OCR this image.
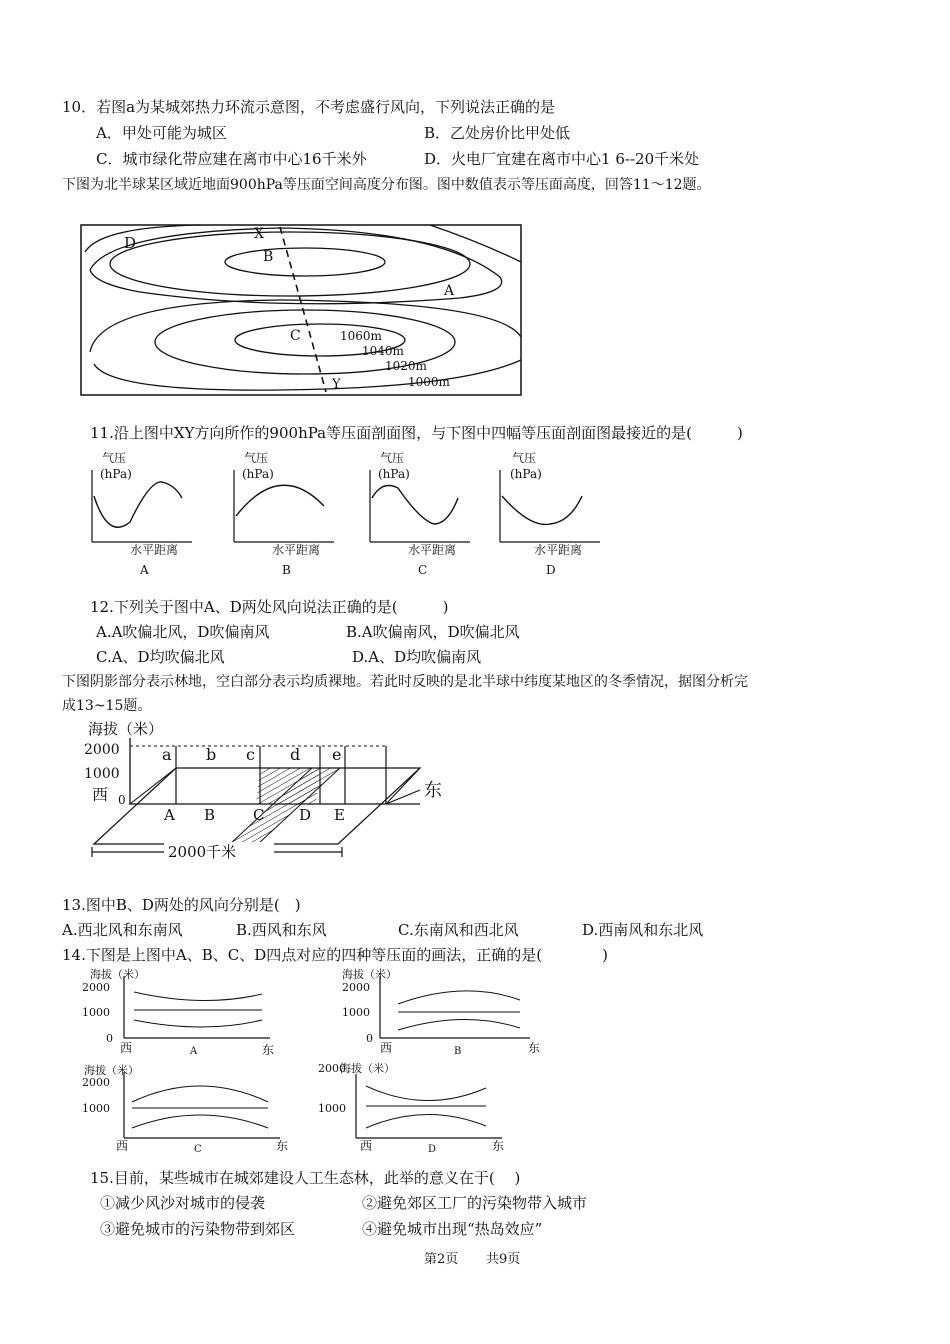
10．若图a为某城郊热力环流示意图，不考虑盛行风向，下列说法正确的是
A．甲处可能为城区	B．乙处房价比甲处低
C．城市绿化带应建在离市中心16千米外	D．火电厂宜建在离市中心1 6--20千米处
下图为北半球某区域近地面900hPa等压面空间高度分布图。图中数值表示等压面高度，回答11～12题。
D	X
B
A
C	1060m
1040m
1020m
1000m
Y
11.沿上图中XY方向所作的900hPa等压面剖面图，与下图中四幅等压面剖面图最接近的是(　　　)
气压
(hPa)
水平距离
A
气压
(hPa)
水平距离
B
气压
(hPa)
水平距离
C
气压
(hPa)
水平距离
D
12.下列关于图中A、D两处风向说法正确的是(　　　)
A.A吹偏北风，D吹偏南风	B.A吹偏南风，D吹偏北风
C.A、D均吹偏北风	D.A、D均吹偏南风
下图阴影部分表示林地，空白部分表示均质裸地。若此时反映的是北半球中纬度某地区的冬季情况，据图分析完
成13~15题。
海拔（米）
2000
1000
西 0	东
a b c d e
A B	C D E
2000千米
13.图中B、D两处的风向分别是(　)
A.西北风和东南风	B.西风和东风	C.东南风和西北风	D.西南风和东北风
14.下图是上图中A、B、C、D四点对应的四种等压面的画法，正确的是(　　　　)
海拔（米）
2000
1000
0
西	东
A
海拔（米）
2000
1000
0
西	东
B
海拔（米）
2000
1000
西	东
C
2000
海拔（米）
1000
西	东
D
15.目前，某些城市在城郊建设人工生态林，此举的意义在于(　 )
①减少风沙对城市的侵袭	②避免郊区工厂的污染物带入城市
③避免城市的污染物带到郊区	④避免城市出现“热岛效应”
第2页 共9页
